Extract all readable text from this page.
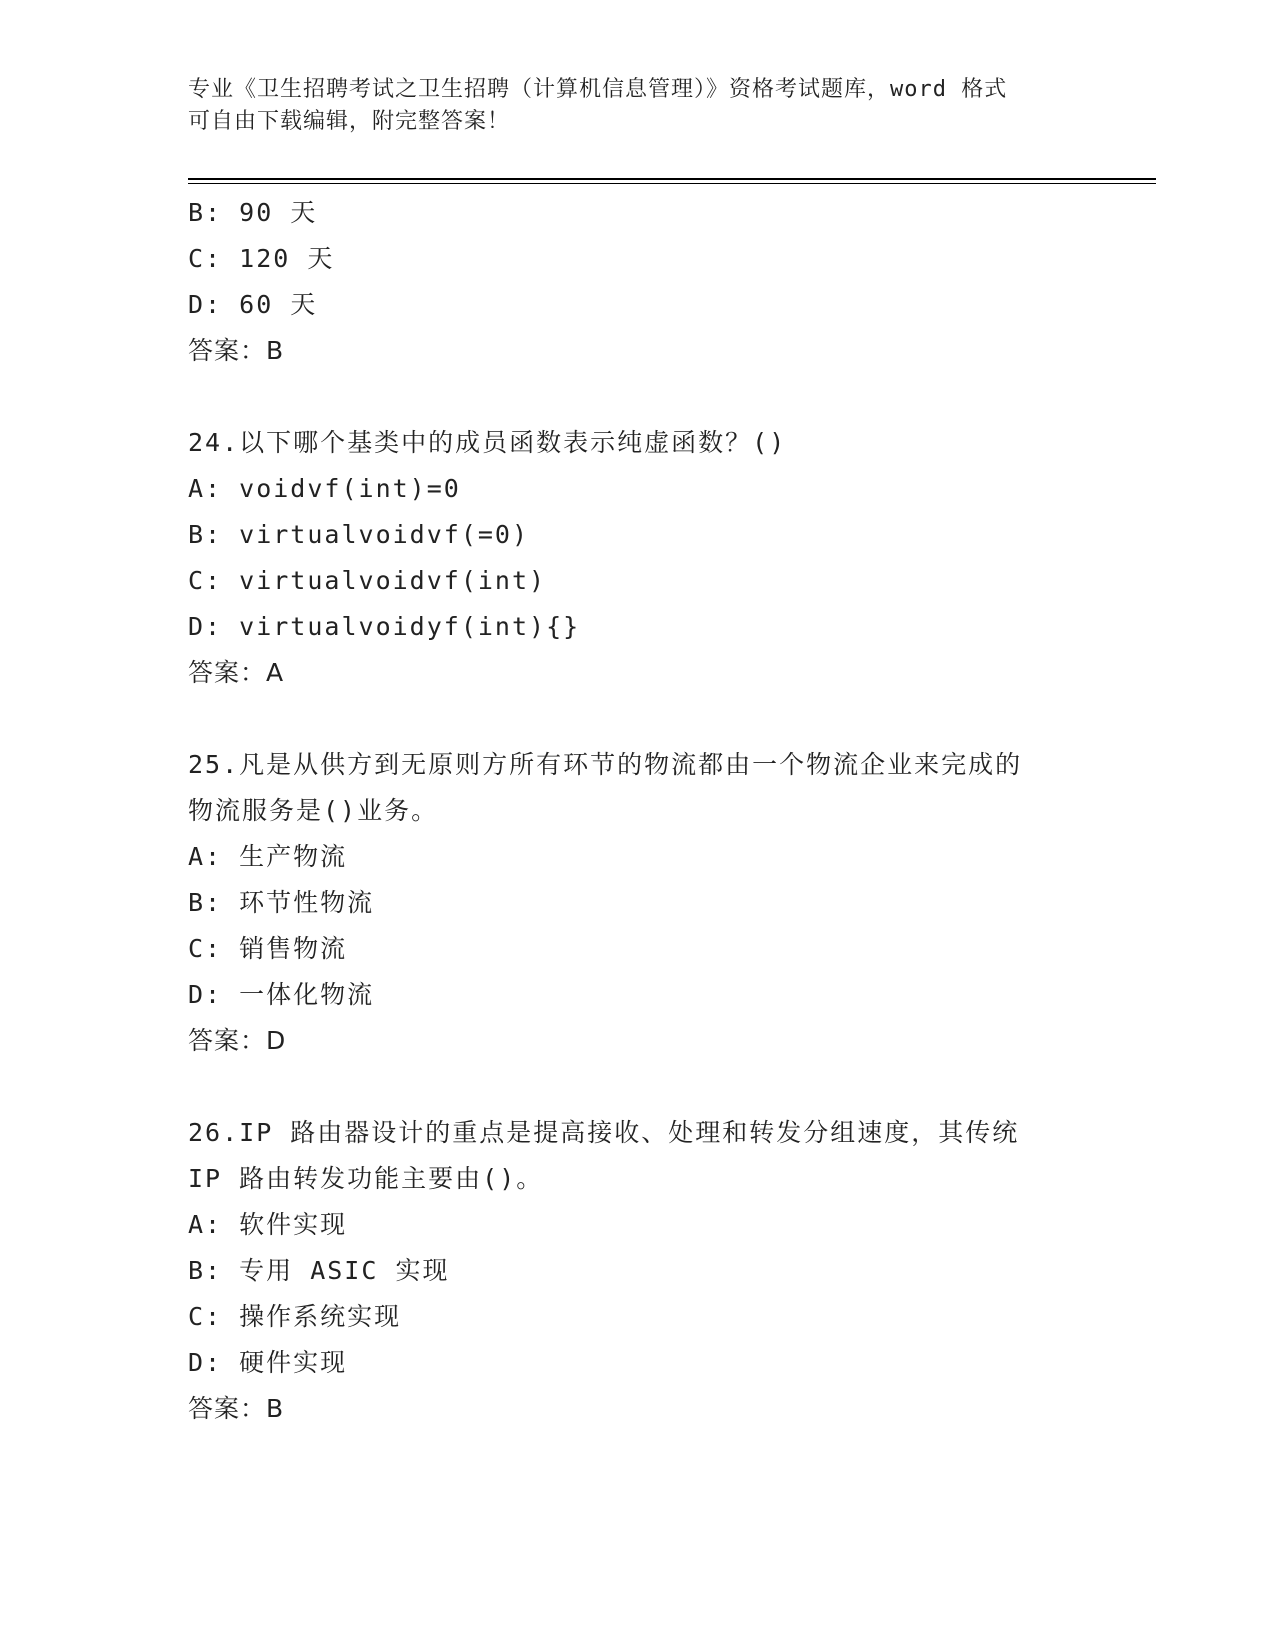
专业《卫生招聘考试之卫生招聘（计算机信息管理）》资格考试题库，word 格式
可自由下载编辑，附完整答案！
B: 90 天
C: 120 天
D: 60 天
答案：B
24.以下哪个基类中的成员函数表示纯虚函数？()
A: voidvf(int)=0
B: virtualvoidvf(=0)
C: virtualvoidvf(int)
D: virtualvoidyf(int){}
答案：A
25.凡是从供方到无原则方所有环节的物流都由一个物流企业来完成的
物流服务是()业务。
A: 生产物流
B: 环节性物流
C: 销售物流
D: 一体化物流
答案：D
26.IP 路由器设计的重点是提高接收、处理和转发分组速度，其传统
IP 路由转发功能主要由()。
A: 软件实现
B: 专用 ASIC 实现
C: 操作系统实现
D: 硬件实现
答案：B
